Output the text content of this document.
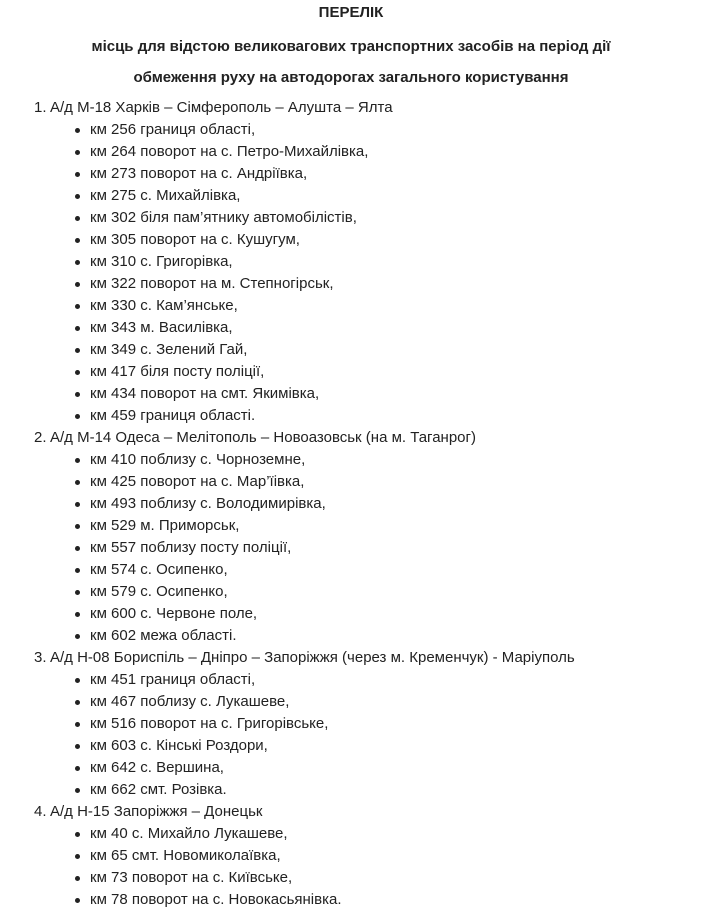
ПЕРЕЛІК
місць для відстою великовагових транспортних засобів на період дії
обмеження руху на автодорогах загального користування
1. А/д М-18 Харків – Сімферополь – Алушта – Ялта
км 256 границя області,
км 264 поворот на с. Петро-Михайлівка,
км 273 поворот на с. Андріївка,
км 275 с. Михайлівка,
км 302 біля пам’ятнику автомобілістів,
км 305 поворот на с. Кушугум,
км 310 с. Григорівка,
км 322 поворот на м. Степногірськ,
км 330 с. Кам’янське,
км 343 м. Василівка,
км 349 с. Зелений Гай,
км 417 біля посту поліції,
км 434 поворот на смт. Якимівка,
км 459 границя області.
2. А/д М-14 Одеса – Мелітополь – Новоазовськ (на м. Таганрог)
км 410 поблизу с. Чорноземне,
км 425 поворот на с. Мар’їівка,
км 493 поблизу с. Володимирівка,
км 529 м. Приморськ,
км 557 поблизу посту поліції,
км 574 с. Осипенко,
км 579 с. Осипенко,
км 600 с. Червоне поле,
км 602 межа області.
3. А/д Н-08 Бориспіль – Дніпро – Запоріжжя (через м. Кременчук) - Маріуполь
км 451 границя області,
км 467 поблизу с. Лукашеве,
км 516 поворот на с. Григорівське,
км 603 с. Кінські Роздори,
км 642 с. Вершина,
км 662 смт. Розівка.
4. А/д Н-15 Запоріжжя – Донецьк
км 40 с. Михайло Лукашеве,
км 65 смт. Новомиколаївка,
км 73 поворот на с. Київське,
км 78 поворот на с. Новокасьянівка.
